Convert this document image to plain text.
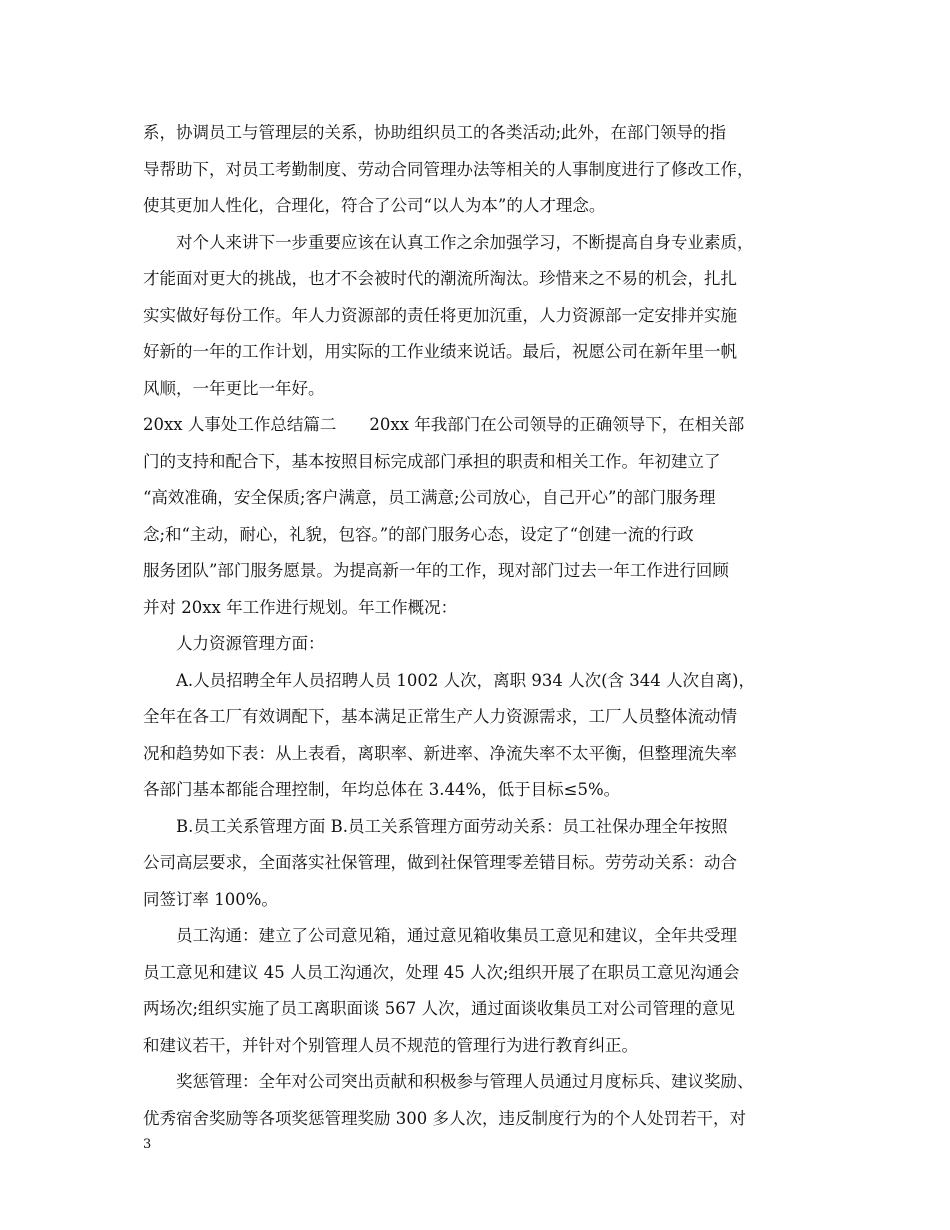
系，协调员工与管理层的关系，协助组织员工的各类活动;此外，在部门领导的指
导帮助下，对员工考勤制度、劳动合同管理办法等相关的人事制度进行了修改工作，
使其更加人性化，合理化，符合了公司“以人为本”的人才理念。
对个人来讲下一步重要应该在认真工作之余加强学习，不断提高自身专业素质，
才能面对更大的挑战，也才不会被时代的潮流所淘汰。珍惜来之不易的机会，扎扎
实实做好每份工作。年人力资源部的责任将更加沉重，人力资源部一定安排并实施
好新的一年的工作计划，用实际的工作业绩来说话。最后，祝愿公司在新年里一帆
风顺，一年更比一年好。
20xx 人事处工作总结篇二　　20xx 年我部门在公司领导的正确领导下，在相关部
门的支持和配合下，基本按照目标完成部门承担的职责和相关工作。年初建立了
“高效准确，安全保质;客户满意，员工满意;公司放心，自己开心”的部门服务理
念;和“主动，耐心，礼貌，包容。”的部门服务心态，设定了“创建一流的行政
服务团队”部门服务愿景。为提高新一年的工作，现对部门过去一年工作进行回顾
并对 20xx 年工作进行规划。年工作概况：
人力资源管理方面：
A.人员招聘全年人员招聘人员 1002 人次，离职 934 人次(含 344 人次自离)，
全年在各工厂有效调配下，基本满足正常生产人力资源需求，工厂人员整体流动情
况和趋势如下表：从上表看，离职率、新进率、净流失率不太平衡，但整理流失率
各部门基本都能合理控制，年均总体在 3.44%，低于目标≤5%。
B.员工关系管理方面 B.员工关系管理方面劳动关系：员工社保办理全年按照
公司高层要求，全面落实社保管理，做到社保管理零差错目标。劳劳动关系：动合
同签订率 100%。
员工沟通：建立了公司意见箱，通过意见箱收集员工意见和建议，全年共受理
员工意见和建议 45 人员工沟通次，处理 45 人次;组织开展了在职员工意见沟通会
两场次;组织实施了员工离职面谈 567 人次，通过面谈收集员工对公司管理的意见
和建议若干，并针对个别管理人员不规范的管理行为进行教育纠正。
奖惩管理：全年对公司突出贡献和积极参与管理人员通过月度标兵、建议奖励、
优秀宿舍奖励等各项奖惩管理奖励 300 多人次，违反制度行为的个人处罚若干，对
3
